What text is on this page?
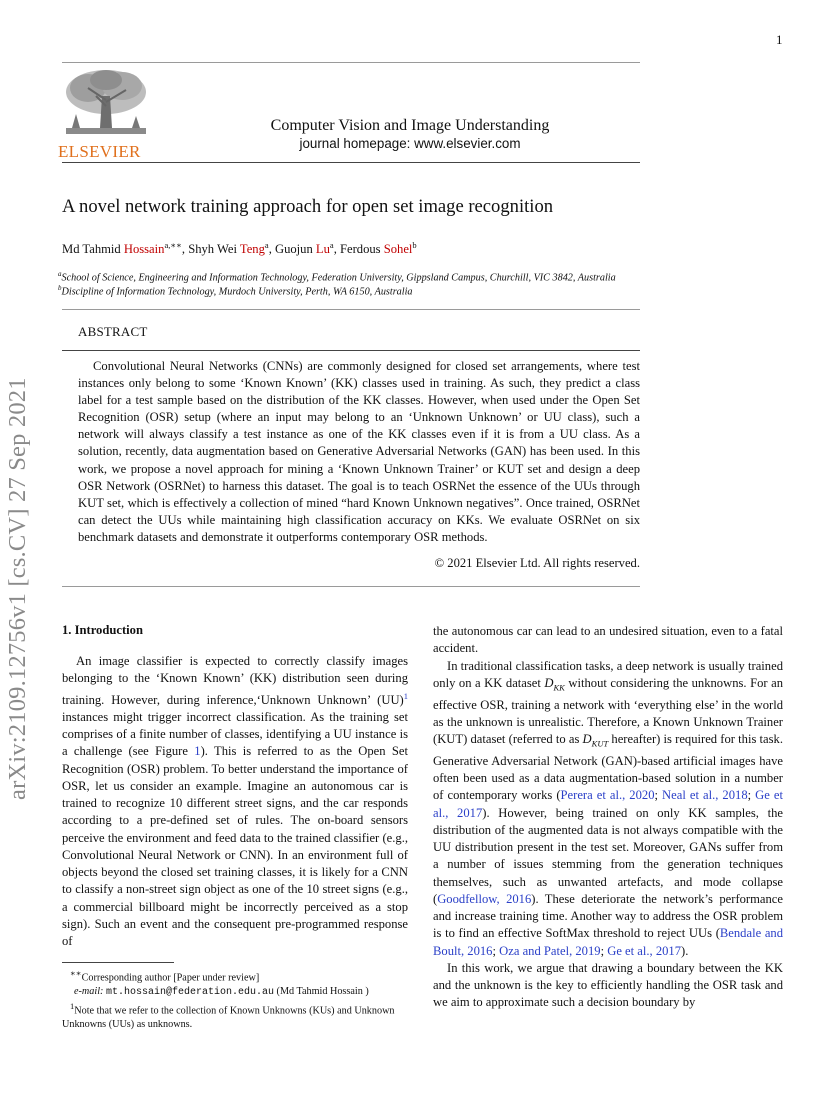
1
arXiv:2109.12756v1 [cs.CV] 27 Sep 2021
ELSEVIER
Computer Vision and Image Understanding
journal homepage: www.elsevier.com
A novel network training approach for open set image recognition
Md Tahmid Hossain$^{a,∗∗}$, Shyh Wei Teng$^a$, Guojun Lu$^a$, Ferdous Sohel$^b$
$^a$School of Science, Engineering and Information Technology, Federation University, Gippsland Campus, Churchill, VIC 3842, Australia
$^b$Discipline of Information Technology, Murdoch University, Perth, WA 6150, Australia
ABSTRACT
Convolutional Neural Networks (CNNs) are commonly designed for closed set arrangements, where test instances only belong to some ‘Known Known’ (KK) classes used in training. As such, they predict a class label for a test sample based on the distribution of the KK classes. However, when used under the Open Set Recognition (OSR) setup (where an input may belong to an ‘Unknown Unknown’ or UU class), such a network will always classify a test instance as one of the KK classes even if it is from a UU class. As a solution, recently, data augmentation based on Generative Adversarial Networks (GAN) has been used. In this work, we propose a novel approach for mining a ‘Known Unknown Trainer’ or KUT set and design a deep OSR Network (OSRNet) to harness this dataset. The goal is to teach OSRNet the essence of the UUs through KUT set, which is effectively a collection of mined “hard Known Unknown negatives”. Once trained, OSRNet can detect the UUs while maintaining high classification accuracy on KKs. We evaluate OSRNet on six benchmark datasets and demonstrate it outperforms contemporary OSR methods.
© 2021 Elsevier Ltd. All rights reserved.
1. Introduction

An image classifier is expected to correctly classify images belonging to the ‘Known Known’ (KK) distribution seen during training. However, during inference,‘Unknown Unknown’ (UU)$^1$ instances might trigger incorrect classification. As the training set comprises of a finite number of classes, identifying a UU instance is a challenge (see Figure 1). This is referred to as the Open Set Recognition (OSR) problem. To better understand the importance of OSR, let us consider an example. Imagine an autonomous car is trained to recognize 10 different street signs, and the car responds according to a pre-defined set of rules. The on-board sensors perceive the environment and feed data to the trained classifier (e.g., Convolutional Neural Network or CNN). In an environment full of objects beyond the closed set training classes, it is likely for a CNN to classify a non-street sign object as one of the 10 street signs (e.g., a commercial billboard might be incorrectly perceived as a stop sign). Such an event and the consequent pre-programmed response of

the autonomous car can lead to an undesired situation, even to a fatal accident.

In traditional classification tasks, a deep network is usually trained only on a KK dataset $D_{KK}$ without considering the unknowns. For an effective OSR, training a network with ‘everything else’ in the world as the unknown is unrealistic. Therefore, a Known Unknown Trainer (KUT) dataset (referred to as $D_{KUT}$ hereafter) is required for this task. Generative Adversarial Network (GAN)-based artificial images have often been used as a data augmentation-based solution in a number of contemporary works (Perera et al., 2020; Neal et al., 2018; Ge et al., 2017). However, being trained on only KK samples, the distribution of the augmented data is not always compatible with the UU distribution present in the test set. Moreover, GANs suffer from a number of issues stemming from the generation techniques themselves, such as unwanted artefacts, and mode collapse (Goodfellow, 2016). These deteriorate the network’s performance and increase training time. Another way to address the OSR problem is to find an effective SoftMax threshold to reject UUs (Bendale and Boult, 2016; Oza and Patel, 2019; Ge et al., 2017).

In this work, we argue that drawing a boundary between the KK and the unknown is the key to efficiently handling the OSR task and we aim to approximate such a decision boundary by

∗∗Corresponding author [Paper under review]

e-mail: mt.hossain@federation.edu.au (Md Tahmid Hossain )

$^1$Note that we refer to the collection of Known Unknowns (KUs) and Unknown Unknowns (UUs) as unknowns.
